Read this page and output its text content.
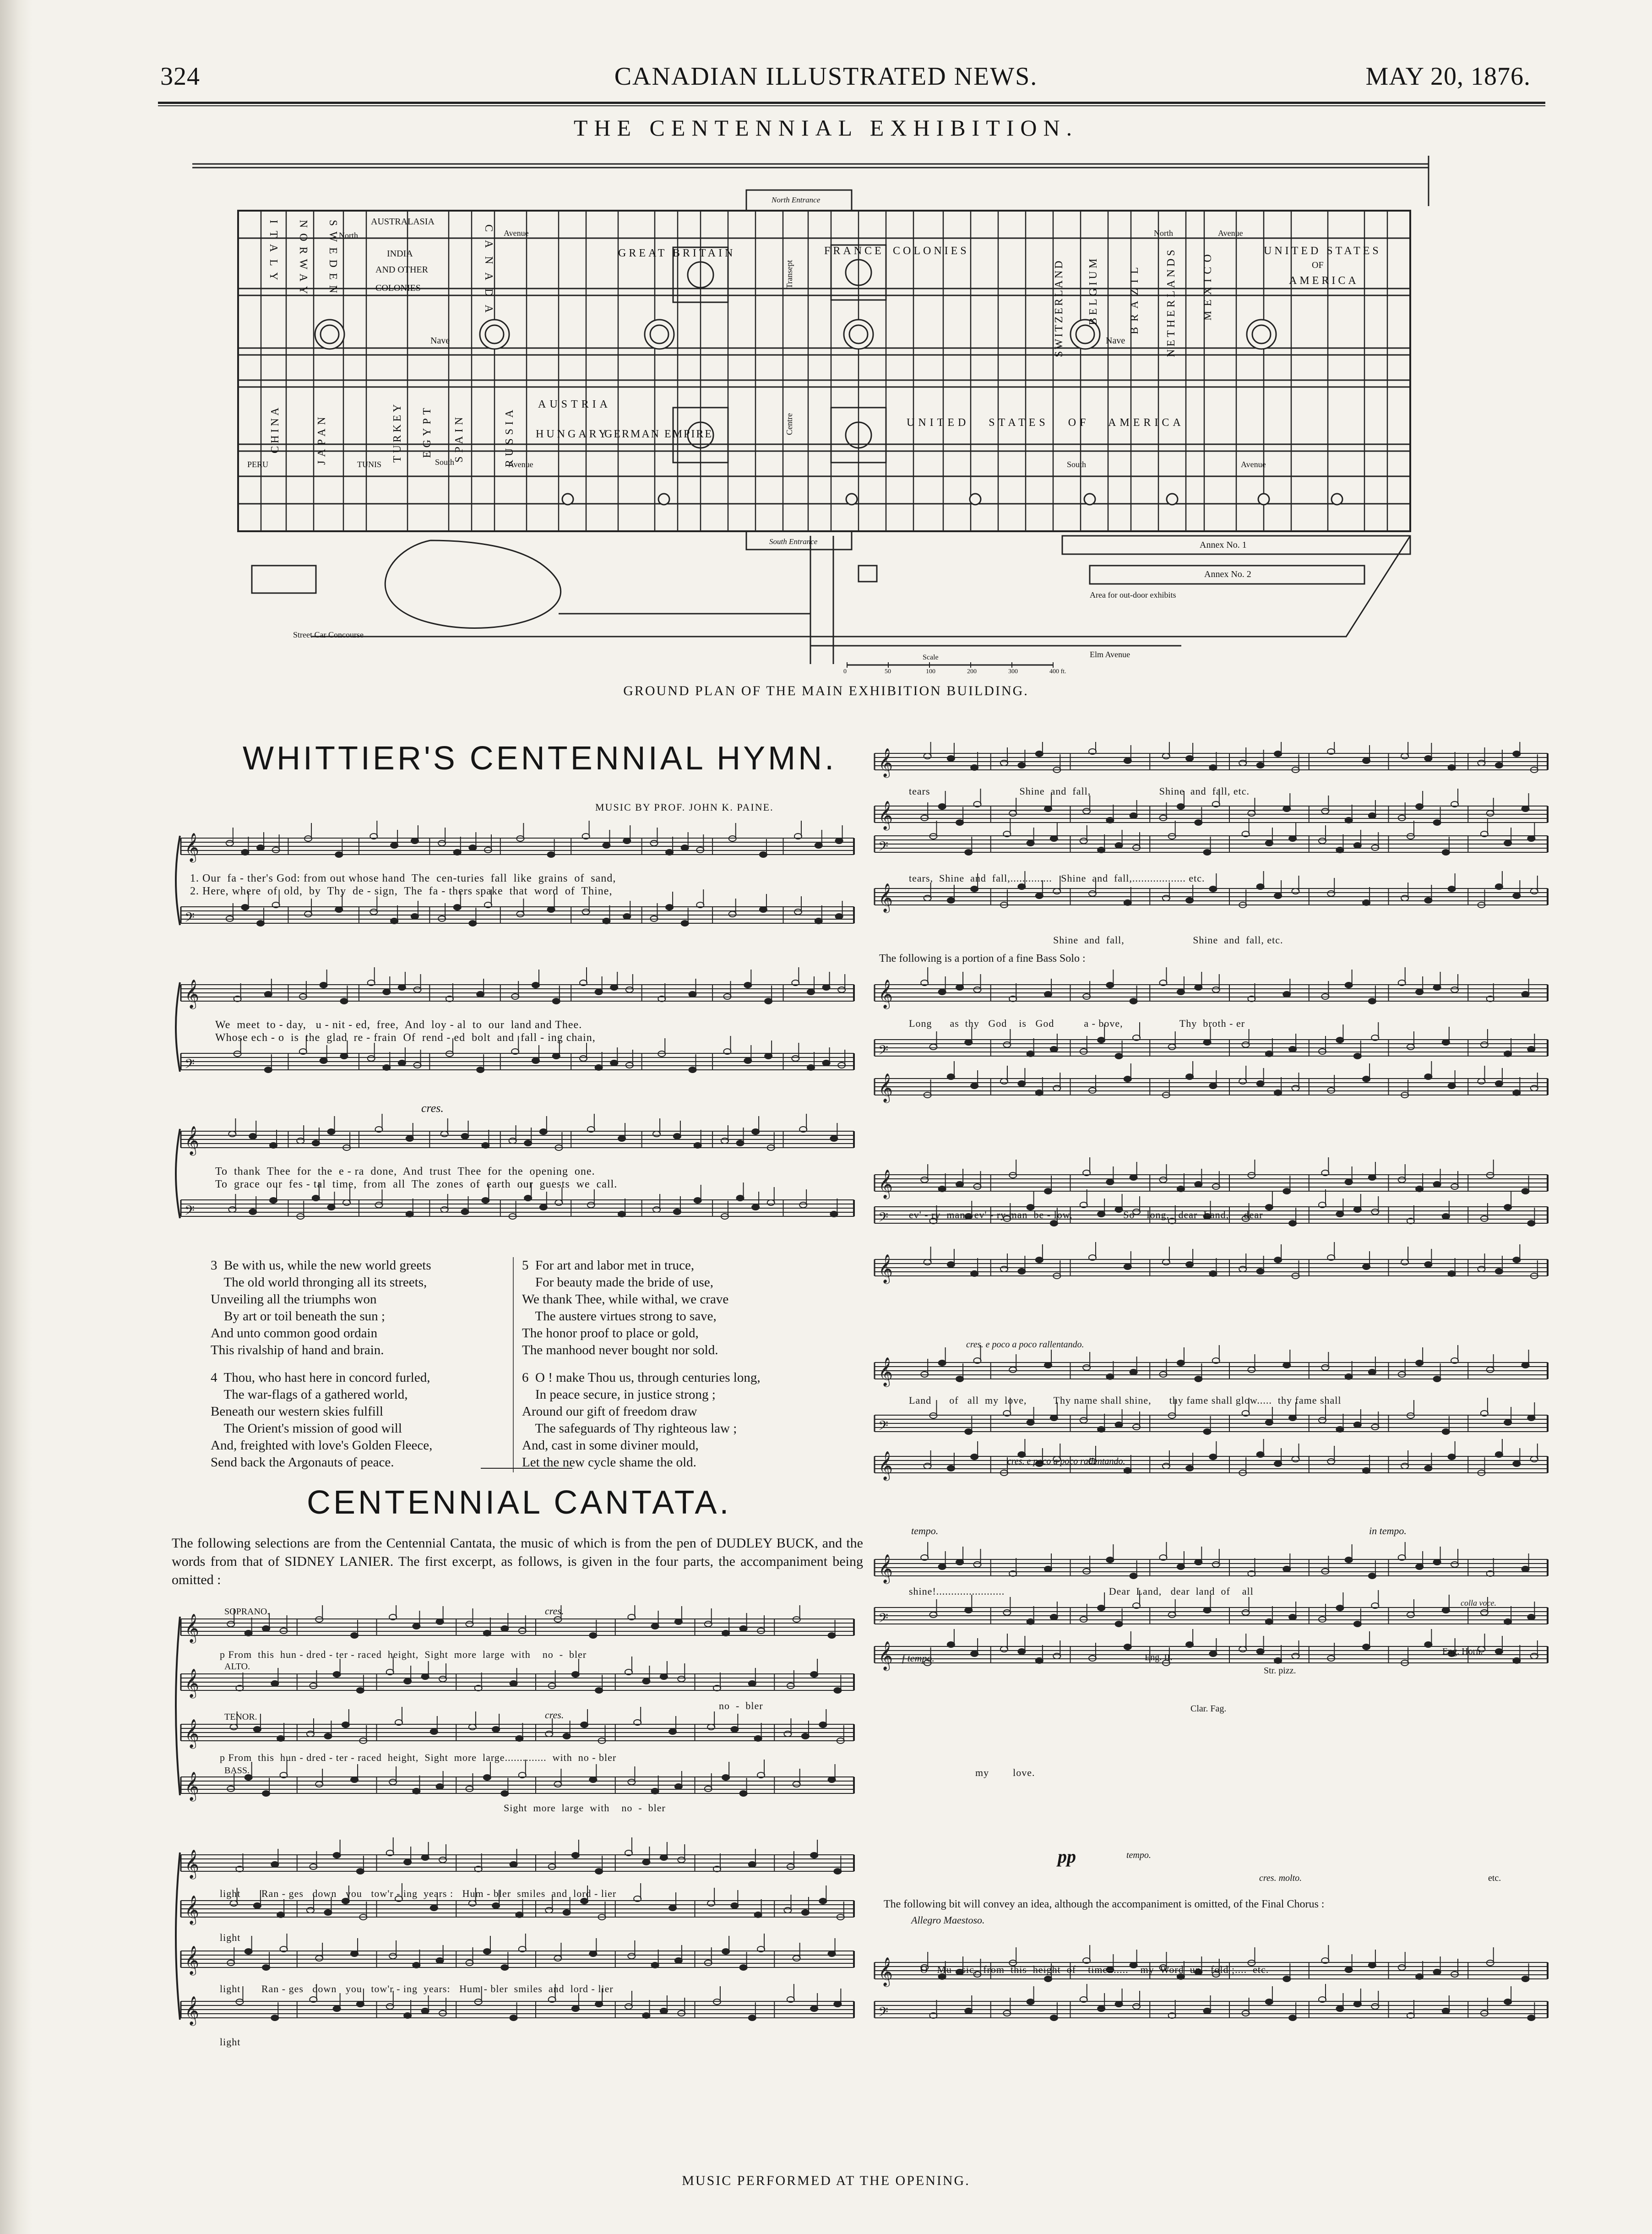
324	CANADIAN ILLUSTRATED NEWS.	MAY 20, 1876.
THE CENTENNIAL EXHIBITION.
ITALY NORWAY SWEDEN	AUSTRALASIA
INDIA
AND OTHER
COLONIES	CANADA	GREAT BRITAIN	FRANCE COLONIES
SWITZERLAND BELGIUM	BRAZIL NETHERLANDS MEXICO	UNITED STATES
OF
AMERICA
CHINA	JAPAN	TURKEY EGYPT SPAIN	RUSSIA
AUSTRIA
HUNGARY
GERMAN EMPIRE
UNITED   STATES   OF   AMERICA
PERU	TUNIS
Nave	Nave
North	Avenue	North	Avenue
South	Avenue	South	Avenue
Transept
Centre
North Entrance
South Entrance	Annex No. 1
Annex No. 2
Area for out-door exhibits
Street Car Concourse
Elm Avenue
Scale
0	50	100	200	300	400 ft.
GROUND PLAN OF THE MAIN EXHIBITION BUILDING.
WHITTIER'S CENTENNIAL HYMN.
MUSIC BY PROF. JOHN K. PAINE.
𝄞
𝄢
𝄞
𝄢
𝄞
𝄢
1. Our  fa - ther's God: from out whose hand  The  cen-turies  fall  like  grains  of  sand,
2. Here, where  of  old,  by  Thy  de - sign,  The  fa - thers spake  that  word  of  Thine,
We  meet  to - day,   u - nit - ed,  free,  And  loy - al  to  our  land and Thee.
Whose ech - o  is  the  glad  re - frain  Of  rend - ed  bolt  and  fall - ing chain,
cres.
To  thank  Thee  for  the  e - ra  done,  And  trust  Thee  for  the  opening  one.
To  grace  our  fes - tal  time,  from  all  The  zones  of  earth  our  guests  we  call.
3  Be with us, while the new world greets
The old world thronging all its streets,
Unveiling all the triumphs won
By art or toil beneath the sun ;
And unto common good ordain
This rivalship of hand and brain.
4  Thou, who hast here in concord furled,
The war-flags of a gathered world,
Beneath our western skies fulfill
The Orient's mission of good will
And, freighted with love's Golden Fleece,
Send back the Argonauts of peace.
5  For art and labor met in truce,
For beauty made the bride of use,
We thank Thee, while withal, we crave
The austere virtues strong to save,
The honor proof to place or gold,
The manhood never bought nor sold.
6  O ! make Thou us, through centuries long,
In peace secure, in justice strong ;
Around our gift of freedom draw
The safeguards of Thy righteous law ;
And, cast in some diviner mould,
Let the new cycle shame the old.
CENTENNIAL CANTATA.
The following selections are from the Centennial Cantata, the music of which is from the pen of DUDLEY BUCK, and the words from that of SIDNEY LANIER. The first excerpt, as follows, is given in the four parts, the accompaniment being omitted :
𝄞
𝄞
𝄞
𝄞
𝄞
𝄞
𝄞
𝄞
SOPRANO.
ALTO.
TENOR.
BASS.
cres.
cres.
p From  this  hun - dred - ter - raced  height,  Sight  more  large  with    no  -  bler
no  -  bler
p From  this  hun - dred - ter - raced  height,  Sight  more  large..............  with  no - bler
Sight  more  large  with    no  -  bler
light       Ran - ges   down   you   tow'r - ing  years :   Hum - bler  smiles  and  lord - lier
light
light       Ran - ges   down   you   tow'r - ing  years:   Hum - bler  smiles  and  lord - lier
light
𝄞
𝄞
𝄢
𝄞
𝄞
𝄢
𝄞
𝄞
𝄢
𝄞
𝄞
𝄢
𝄞
𝄞
𝄢
𝄞
𝄞
𝄢
tears                              Shine  and  fall,                       Shine  and  fall, etc.
tears,  Shine  and  fall,..............   Shine  and  fall,.................. etc.
Shine  and  fall,                       Shine  and  fall, etc.
The following is a portion of a fine Bass Solo :
Long      as  thy   God    is   God          a - bove,                   Thy  broth - er
ev' - ry  man,  ev' - ry man  be - low,                 So    long,   dear  Land,     dear
cres. e poco a poco rallentando.
Land      of   all  my  love,         Thy name shall shine,      thy fame shall glow.....  thy fame shall
cres. e poco a poco rallentando.
tempo.	in tempo.
shine!.......................                                   Dear  Land,   dear  land  of    all
colla voce.
f tempo.	Eng. II.
Eng. Horn.
Str. pizz.
Clar. Fag.
my        love.
pp	tempo.
cres. molto.	etc.
The following bit will convey an idea, although the accompaniment is omitted, of the Final Chorus :
Allegro Maestoso.
O   Mu - sic,  from  this  height  of    time.......    my  Word  un - fold ;....  etc.
MUSIC PERFORMED AT THE OPENING.
